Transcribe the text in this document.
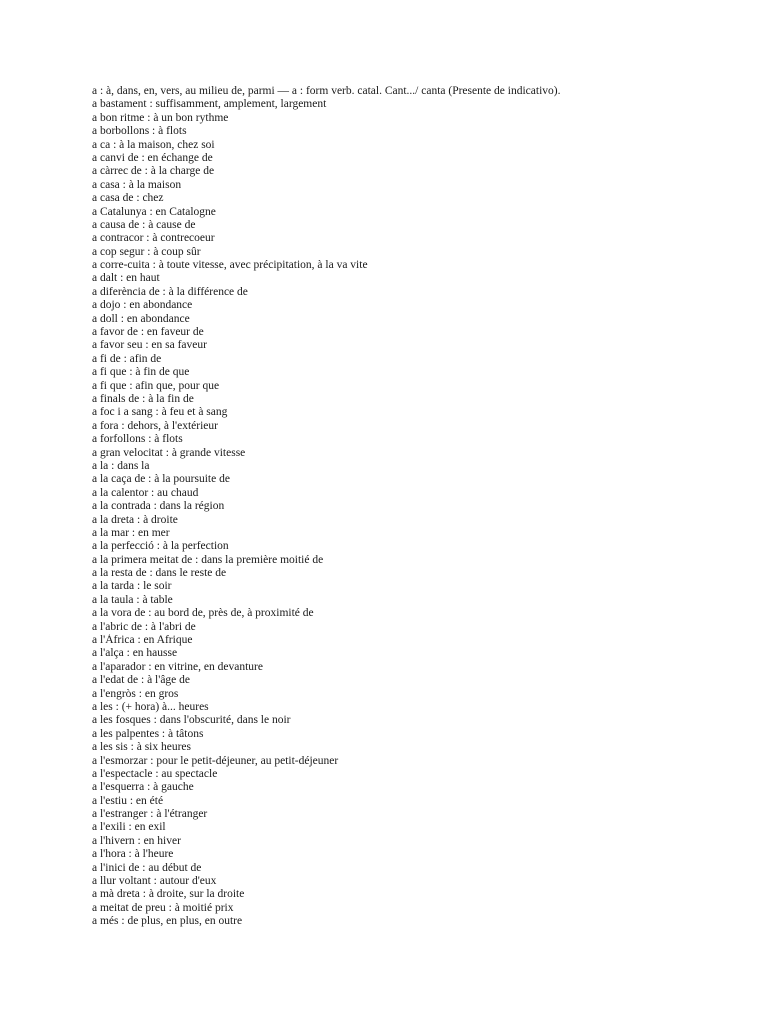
a : à, dans, en, vers, au milieu de, parmi — a : form verb. catal. Cant.../ canta (Presente de indicativo).
a bastament : suffisamment, amplement, largement
a bon ritme : à un bon rythme
a borbollons : à flots
a ca : à la maison, chez soi
a canvi de : en échange de
a càrrec de : à la charge de
a casa : à la maison
a casa de : chez
a Catalunya : en Catalogne
a causa de : à cause de
a contracor : à contrecoeur
a cop segur : à coup sûr
a corre-cuita : à toute vitesse, avec précipitation, à la va vite
a dalt : en haut
a diferència de : à la différence de
a dojo : en abondance
a doll : en abondance
a favor de : en faveur de
a favor seu : en sa faveur
a fi de : afin de
a fi que : à fin de que
a fi que : afin que, pour que
a finals de : à la fin de
a foc i a sang : à feu et à sang
a fora : dehors, à l'extérieur
a forfollons : à flots
a gran velocitat : à grande vitesse
a la : dans la
a la caça de : à la poursuite de
a la calentor : au chaud
a la contrada : dans la région
a la dreta : à droite
a la mar : en mer
a la perfecció : à la perfection
a la primera meitat de : dans la première moitié de
a la resta de : dans le reste de
a la tarda : le soir
a la taula : à table
a la vora de : au bord de, près de, à proximité de
a l'abric de : à l'abri de
a l'Àfrica : en Afrique
a l'alça : en hausse
a l'aparador : en vitrine, en devanture
a l'edat de : à l'âge de
a l'engròs : en gros
a les : (+ hora) à... heures
a les fosques : dans l'obscurité, dans le noir
a les palpentes : à tâtons
a les sis : à six heures
a l'esmorzar : pour le petit-déjeuner, au petit-déjeuner
a l'espectacle : au spectacle
a l'esquerra : à gauche
a l'estiu : en été
a l'estranger : à l'étranger
a l'exili : en exil
a l'hivern : en hiver
a l'hora : à l'heure
a l'inici de : au début de
a llur voltant : autour d'eux
a mà dreta : à droite, sur la droite
a meitat de preu : à moitié prix
a més : de plus, en plus, en outre
